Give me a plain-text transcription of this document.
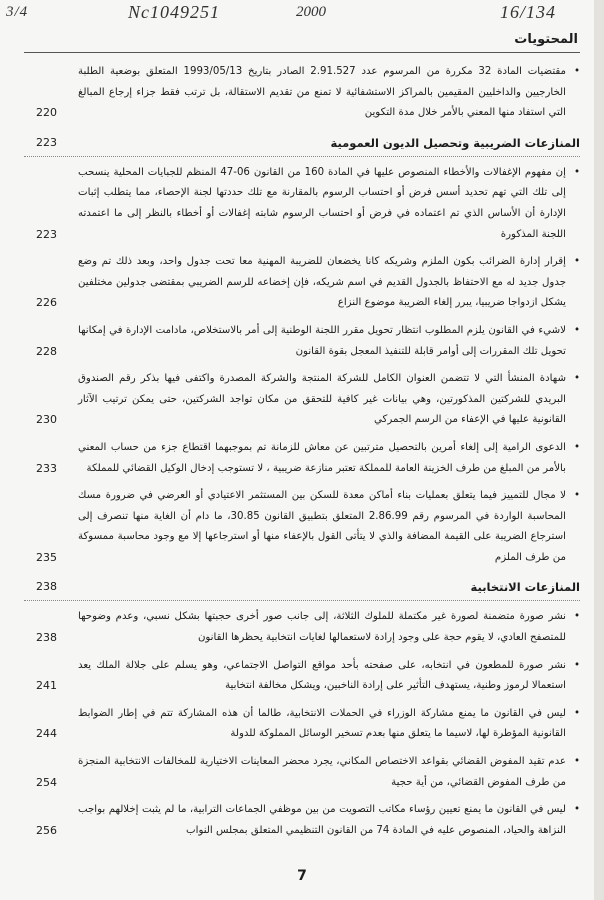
3/4	Nc1049251	2000	16/134
المحتويات
•
مقتضيات المادة 32 مكررة من المرسوم عدد 2.91.527 الصادر بتاريخ 1993/05/13 المتعلق بوضعية الطلبة الخارجيين والداخليين المقيمين بالمراكز الاستشفائية لا تمنع من تقديم الاستقالة، بل ترتب فقط جزاء إرجاع المبالغ التي استفاد منها المعني بالأمر خلال مدة التكوين
220
المنازعات الضريبية وتحصيل الديون العمومية
223
•
إن مفهوم الإغفالات والأخطاء المنصوص عليها في المادة 160 من القانون 06-47 المنظم للجبايات المحلية ينسحب إلى تلك التي تهم تحديد أسس فرض أو احتساب الرسوم بالمقارنة مع تلك حددتها لجنة الإحصاء، مما يتطلب إثبات الإدارة أن الأساس الذي تم اعتماده في فرض أو احتساب الرسوم شابته إغفالات أو أخطاء بالنظر إلى ما اعتمدته اللجنة المذكورة
223
•
إقرار إدارة الضرائب بكون الملزم وشريكه كانا يخضعان للضريبة المهنية معا تحت جدول واحد، وبعد ذلك تم وضع جدول جديد له مع الاحتفاظ بالجدول القديم في اسم شريكه، فإن إخضاعه للرسم الضريبي بمقتضى جدولين مختلفين يشكل ازدواجا ضريبيا، يبرر إلغاء الضريبة موضوع النزاع
226
•
لاشيء في القانون يلزم المطلوب انتظار تحويل مقرر اللجنة الوطنية إلى أمر بالاستخلاص، مادامت الإدارة في إمكانها تحويل تلك المقررات إلى أوامر قابلة للتنفيذ المعجل بقوة القانون
228
•
شهادة المنشأ التي لا تتضمن العنوان الكامل للشركة المنتجة والشركة المصدرة واكتفى فيها بذكر رقم الصندوق البريدي للشركتين المذكورتين، وهي بيانات غير كافية للتحقق من مكان تواجد الشركتين، حتى يمكن ترتيب الآثار القانونية عليها في الإعفاء من الرسم الجمركي
230
•
الدعوى الرامية إلى إلغاء أمرين بالتحصيل مترتبين عن معاش للزمانة تم بموجبهما اقتطاع جزء من حساب المعني بالأمر من المبلغ من طرف الخزينة العامة للمملكة تعتبر منازعة ضريبية ، لا تستوجب إدخال الوكيل القضائي للمملكة
233
•
لا مجال للتمييز فيما يتعلق بعمليات بناء أماكن معدة للسكن بين المستثمر الاعتيادي أو العرضي في ضرورة مسك المحاسبة الواردة في المرسوم رقم 2.86.99 المتعلق بتطبيق القانون 30.85، ما دام أن الغاية منها تنصرف إلى استرجاع الضريبة على القيمة المضافة والذي لا يتأتى القول بالإعفاء منها أو استرجاعها إلا مع وجود محاسبة ممسوكة من طرف الملزم
235
المنازعات الانتخابية
238
•
نشر صورة متضمنة لصورة غير مكتملة للملوك الثلاثة، إلى جانب صور أخرى حجبتها بشكل نسبي، وعدم وضوحها للمتصفح العادي، لا يقوم حجة على وجود إرادة لاستعمالها لغايات انتخابية يحظرها القانون
238
•
نشر صورة للمطعون في انتخابه، على صفحته بأحد مواقع التواصل الاجتماعي، وهو يسلم على جلالة الملك يعد استعمالا لرموز وطنية، يستهدف التأثير على إرادة الناخبين، ويشكل مخالفة انتخابية
241
•
ليس في القانون ما يمنع مشاركة الوزراء في الحملات الانتخابية، طالما أن هذه المشاركة تتم في إطار الضوابط القانونية المؤطرة لها، لاسيما ما يتعلق منها بعدم تسخير الوسائل المملوكة للدولة
244
•
عدم تقيد المفوض القضائي بقواعد الاختصاص المكاني، يجرد محضر المعاينات الاختيارية للمخالفات الانتخابية المنجزة من طرف المفوض القضائي، من أية حجية
254
•
ليس في القانون ما يمنع تعيين رؤساء مكاتب التصويت من بين موظفي الجماعات الترابية، ما لم يثبت إخلالهم بواجب النزاهة والحياد، المنصوص عليه في المادة 74 من القانون التنظيمي المتعلق بمجلس النواب
256
7
